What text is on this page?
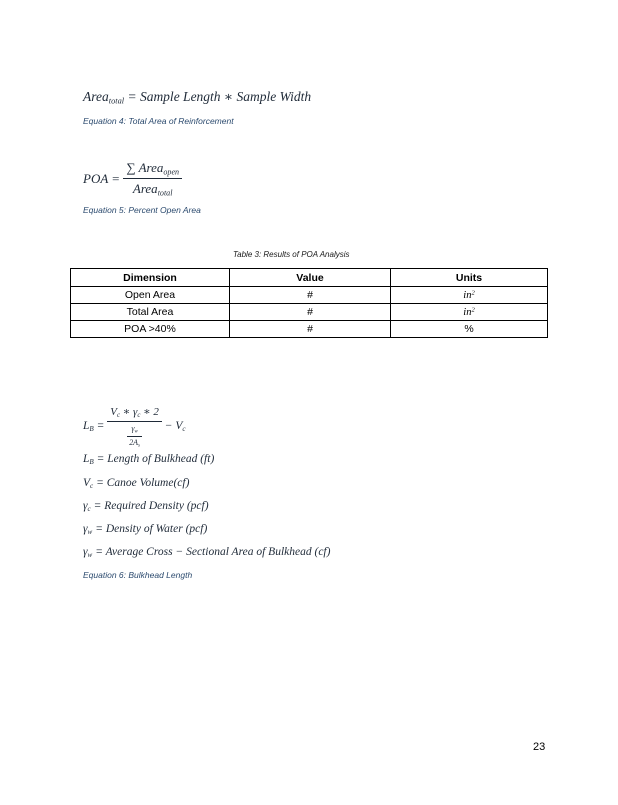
Area$_{total}$ = Sample Length ∗ Sample Width
Equation 4: Total Area of Reinforcement
POA = $\frac{\sum Area_{open}}{Area_{total}}$
Equation 5: Percent Open Area
Table 3: Results of POA Analysis
Dimension	Value	Units
Open Area	#	$in^2$
Total Area	#	$in^2$
POA >40%	#	%
$L_B = \frac{V_c ∗ \gamma_c ∗ 2}{\frac{\gamma_w}{2A_s}} - V_c$
$L_B$ = Length of Bulkhead (ft)
$V_c$ = Canoe Volume(cf)
$\gamma_c$ = Required Density (pcf)
$\gamma_w$ = Density of Water (pcf)
$\gamma_w$ = Average Cross − Sectional Area of Bulkhead (cf)
Equation 6: Bulkhead Length
23
